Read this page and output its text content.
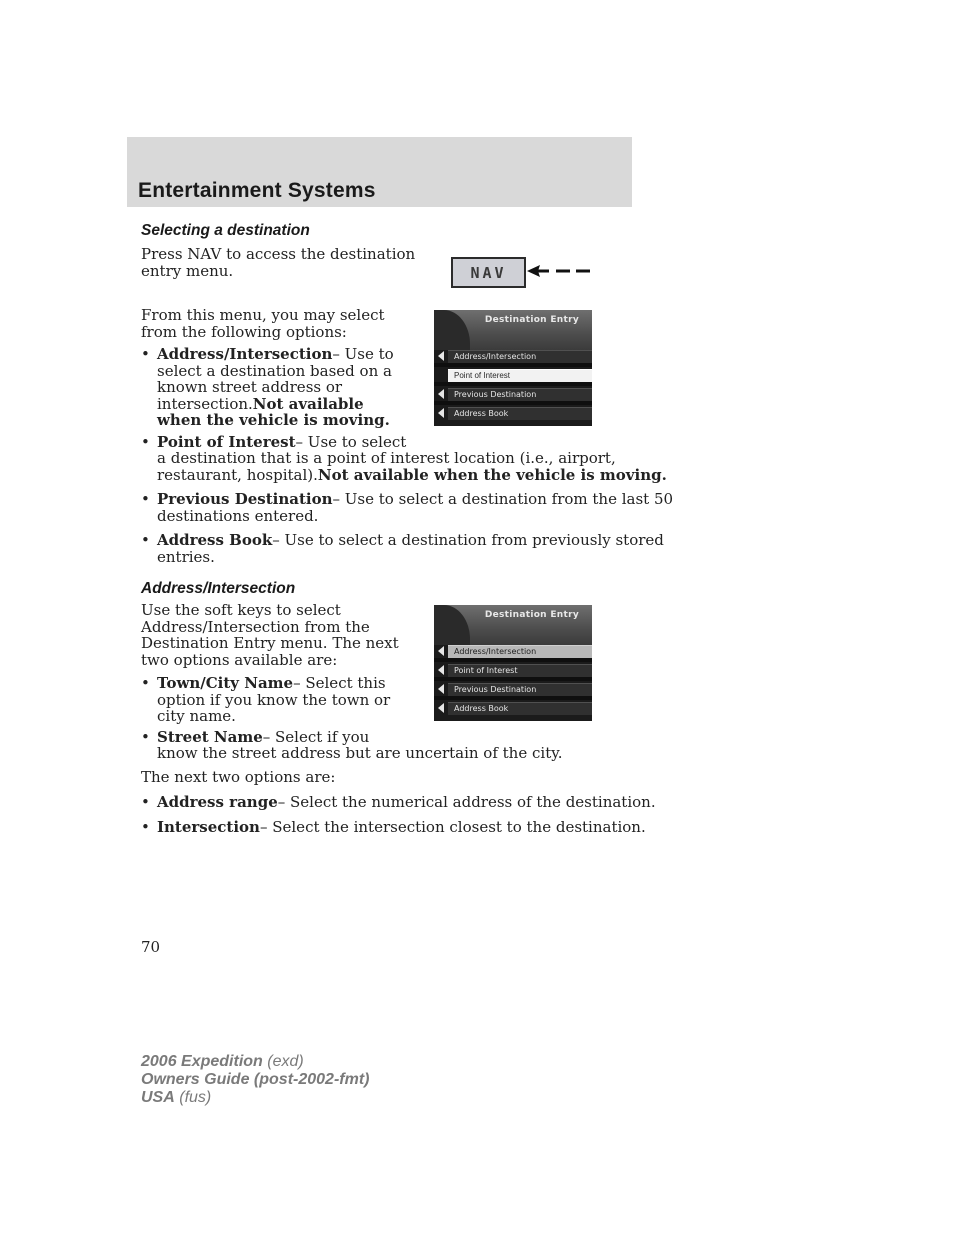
Entertainment Systems
Selecting a destination

Press NAV to access the destination

entry menu.

From this menu, you may select

from the following options:

• Address/Intersection– Use to

select a destination based on a

known street address or

intersection.Not available

when the vehicle is moving.

• Point of Interest– Use to select

a destination that is a point of interest location (i.e., airport,

restaurant, hospital).Not available when the vehicle is moving.

• Previous Destination– Use to select a destination from the last 50

destinations entered.

• Address Book– Use to select a destination from previously stored

entries.

NAV
Destination Entry
Address/Intersection
Point of Interest
Previous Destination
Address Book
Address/Intersection

Use the soft keys to select

Address/Intersection from the

Destination Entry menu. The next

two options available are:

• Town/City Name– Select this

option if you know the town or

city name.

• Street Name– Select if you

know the street address but are uncertain of the city.

The next two options are:

• Address range– Select the numerical address of the destination.

• Intersection– Select the intersection closest to the destination.

Destination Entry
Address/Intersection
Point of Interest
Previous Destination
Address Book
70
2006 Expedition (exd)
Owners Guide (post-2002-fmt)
USA (fus)
